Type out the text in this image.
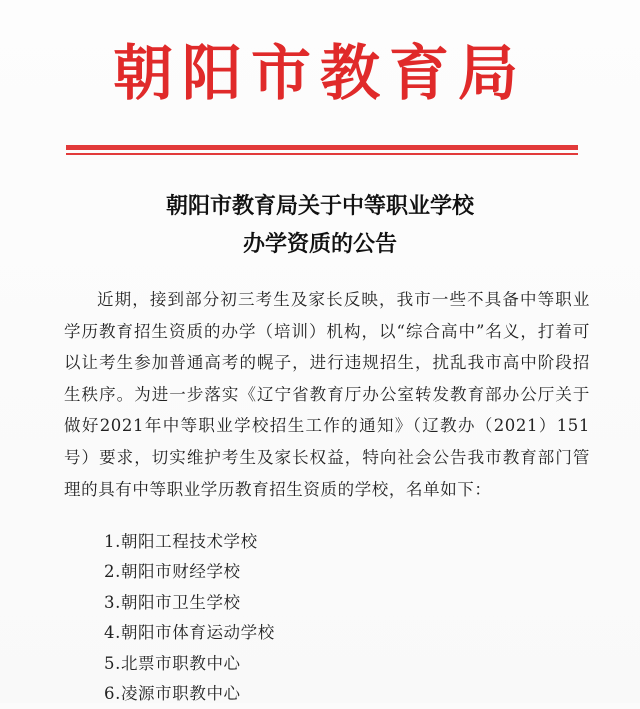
朝阳市教育局
朝阳市教育局关于中等职业学校
办学资质的公告
近期，接到部分初三考生及家长反映，我市一些不具备中等职业学历教育招生资质的办学（培训）机构，以“综合高中”名义，打着可以让考生参加普通高考的幌子，进行违规招生，扰乱我市高中阶段招生秩序。为进一步落实《辽宁省教育厅办公室转发教育部办公厅关于做好2021年中等职业学校招生工作的通知》（辽教办（2021）151号）要求，切实维护考生及家长权益，特向社会公告我市教育部门管理的具有中等职业学历教育招生资质的学校，名单如下：
1.朝阳工程技术学校
2.朝阳市财经学校
3.朝阳市卫生学校
4.朝阳市体育运动学校
5.北票市职教中心
6.凌源市职教中心
